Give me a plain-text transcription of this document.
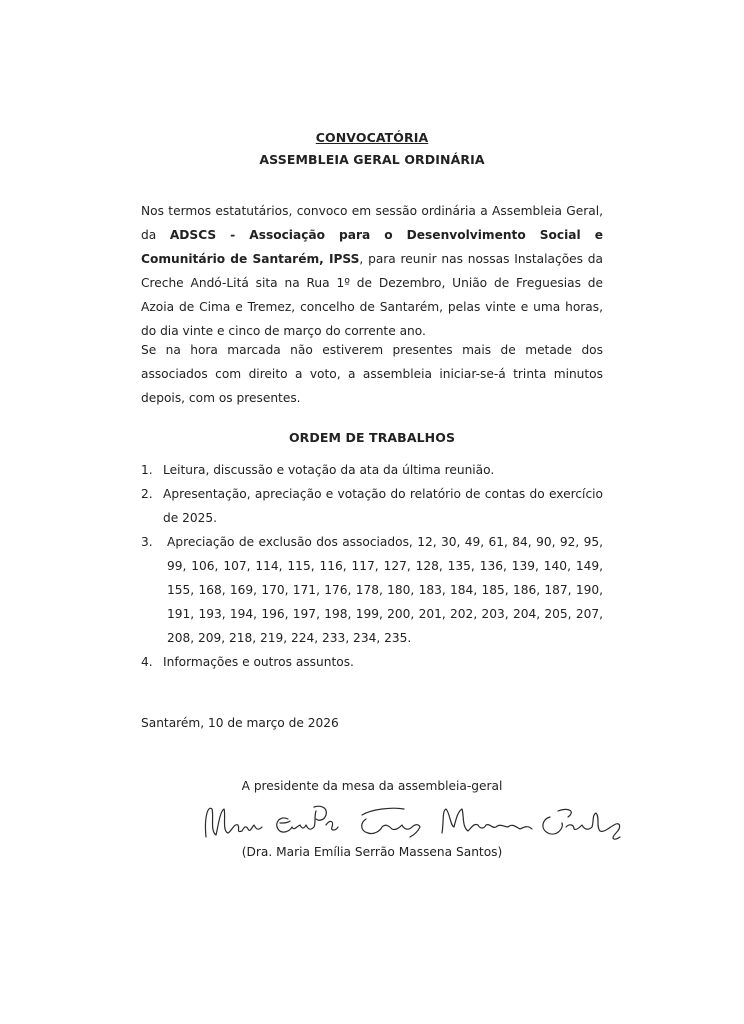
CONVOCATÓRIA
ASSEMBLEIA GERAL ORDINÁRIA
Nos termos estatutários, convoco em sessão ordinária a Assembleia Geral, da ADSCS - Associação para o Desenvolvimento Social e Comunitário de Santarém, IPSS, para reunir nas nossas Instalações da Creche Andó-Litá sita na Rua 1º de Dezembro, União de Freguesias de Azoia de Cima e Tremez, concelho de Santarém, pelas vinte e uma horas, do dia vinte e cinco de março do corrente ano.
Se na hora marcada não estiverem presentes mais de metade dos associados com direito a voto, a assembleia iniciar-se-á trinta minutos depois, com os presentes.
ORDEM DE TRABALHOS
1. Leitura, discussão e votação da ata da última reunião.
2. Apresentação, apreciação e votação do relatório de contas do exercício de 2025.
3. Apreciação de exclusão dos associados, 12, 30, 49, 61, 84, 90, 92, 95, 99, 106, 107, 114, 115, 116, 117, 127, 128, 135, 136, 139, 140, 149, 155, 168, 169, 170, 171, 176, 178, 180, 183, 184, 185, 186, 187, 190, 191, 193, 194, 196, 197, 198, 199, 200, 201, 202, 203, 204, 205, 207, 208, 209, 218, 219, 224, 233, 234, 235.
4. Informações e outros assuntos.
Santarém, 10 de março de 2026
A presidente da mesa da assembleia-geral
(Dra. Maria Emília Serrão Massena Santos)
